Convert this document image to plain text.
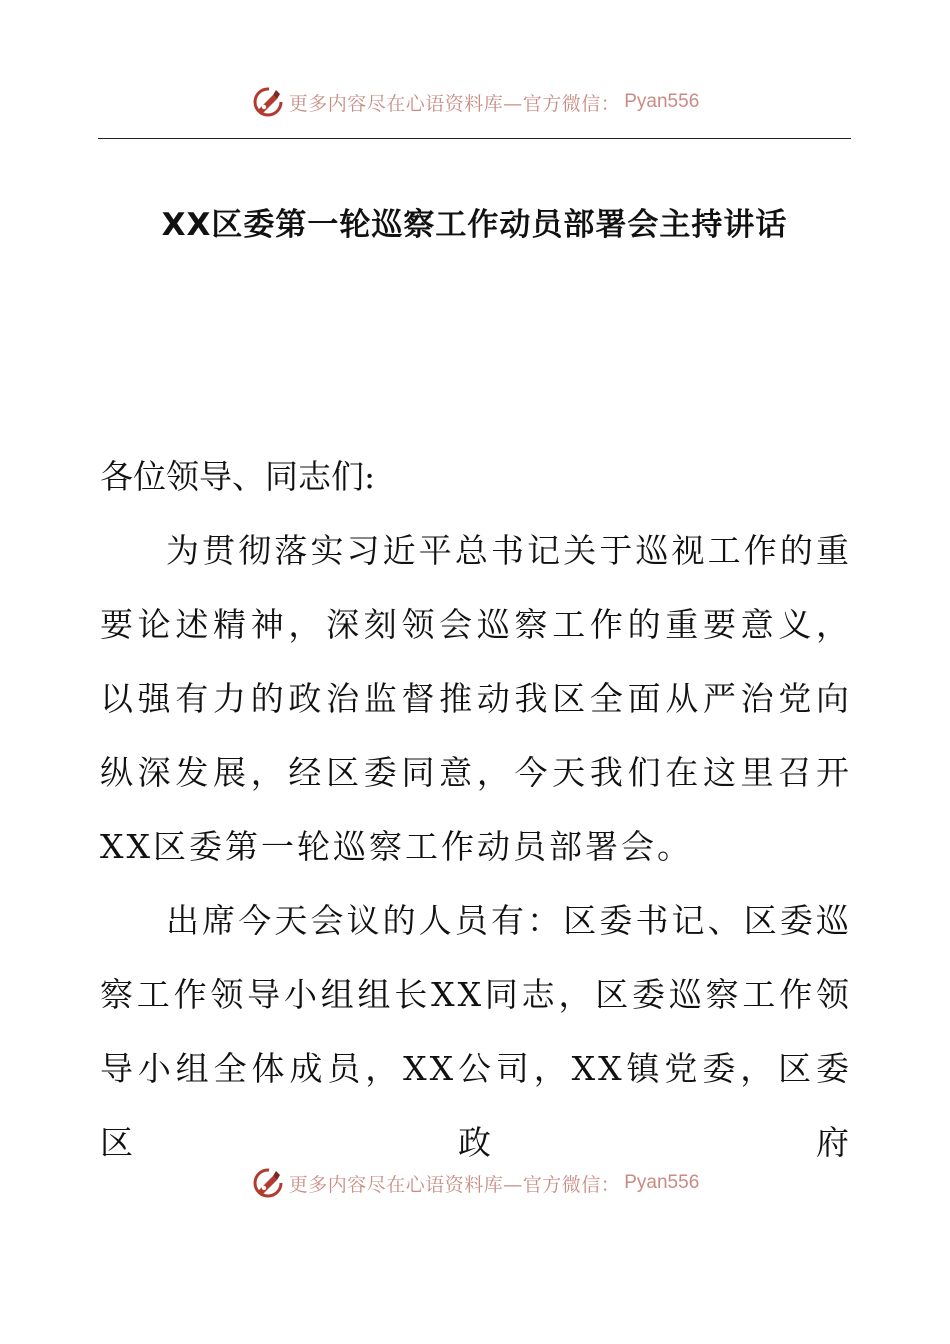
更多内容尽在心语资料库—官方微信： Pyan556
XX区委第一轮巡察工作动员部署会主持讲话

各位领导、同志们:

为贯彻落实习近平总书记关于巡视工作的重要论述精神，深刻领会巡察工作的重要意义，以强有力的政治监督推动我区全面从严治党向纵深发展，经区委同意，今天我们在这里召开XX区委第一轮巡察工作动员部署会。

出席今天会议的人员有：区委书记、区委巡察工作领导小组组长XX同志，区委巡察工作领导小组全体成员，XX公司，XX镇党委，区委区政府

更多内容尽在心语资料库—官方微信： Pyan556
